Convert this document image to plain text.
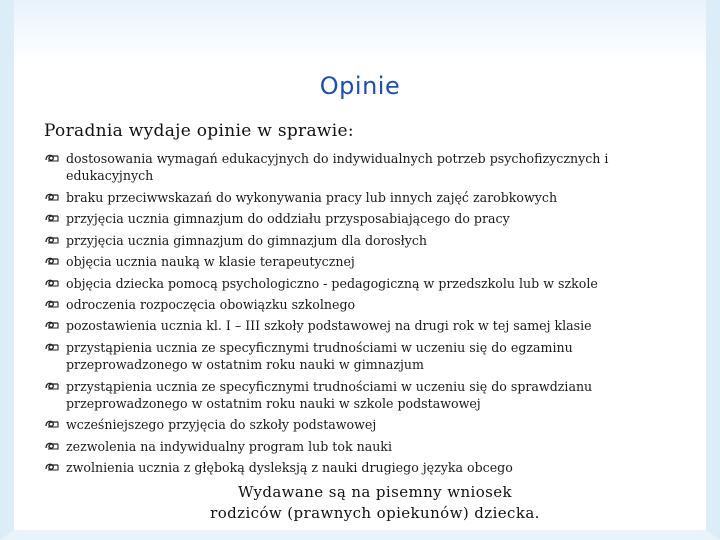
Opinie
Poradnia wydaje opinie w sprawie:
dostosowania wymagań edukacyjnych do indywidualnych potrzeb psychofizycznych i edukacyjnych
braku przeciwwskazań do wykonywania pracy lub innych zajęć zarobkowych
przyjęcia ucznia gimnazjum do oddziału przysposabiającego do pracy
przyjęcia ucznia gimnazjum do gimnazjum dla dorosłych
objęcia ucznia nauką w klasie terapeutycznej
objęcia dziecka pomocą psychologiczno - pedagogiczną w przedszkolu lub w szkole
odroczenia rozpoczęcia obowiązku szkolnego
pozostawienia ucznia kl. I – III szkoły podstawowej na drugi rok w tej samej klasie
przystąpienia ucznia ze specyficznymi trudnościami w uczeniu się do egzaminu przeprowadzonego w ostatnim roku nauki w gimnazjum
przystąpienia ucznia ze specyficznymi trudnościami w uczeniu się do sprawdzianu przeprowadzonego w ostatnim roku nauki w szkole podstawowej
wcześniejszego przyjęcia do szkoły podstawowej
zezwolenia na indywidualny program lub tok nauki
zwolnienia ucznia z głęboką dysleksją z nauki drugiego języka obcego
Wydawane są na pisemny wniosek
rodziców (prawnych opiekunów) dziecka.
